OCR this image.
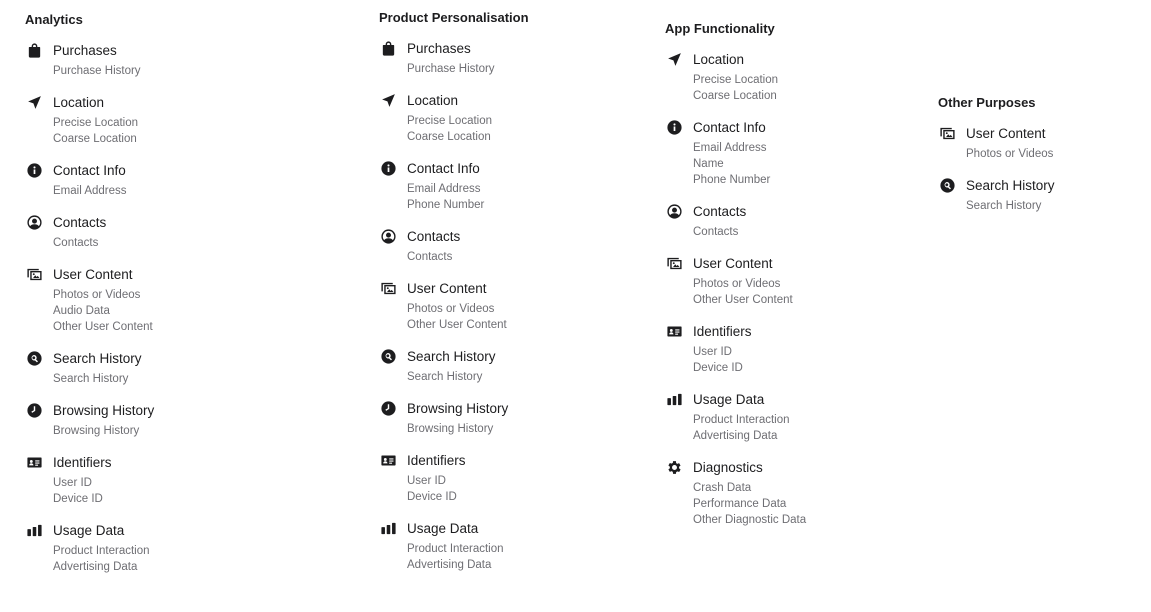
Analytics
Purchases
Purchase History
Location
Precise Location
Coarse Location
Contact Info
Email Address
Contacts
Contacts
User Content
Photos or Videos
Audio Data
Other User Content
Search History
Search History
Browsing History
Browsing History
Identifiers
User ID
Device ID
Usage Data
Product Interaction
Advertising Data
Product Personalisation
Purchases
Purchase History
Location
Precise Location
Coarse Location
Contact Info
Email Address
Phone Number
Contacts
Contacts
User Content
Photos or Videos
Other User Content
Search History
Search History
Browsing History
Browsing History
Identifiers
User ID
Device ID
Usage Data
Product Interaction
Advertising Data
App Functionality
Location
Precise Location
Coarse Location
Contact Info
Email Address
Name
Phone Number
Contacts
Contacts
User Content
Photos or Videos
Other User Content
Identifiers
User ID
Device ID
Usage Data
Product Interaction
Advertising Data
Diagnostics
Crash Data
Performance Data
Other Diagnostic Data
Other Purposes
User Content
Photos or Videos
Search History
Search History
